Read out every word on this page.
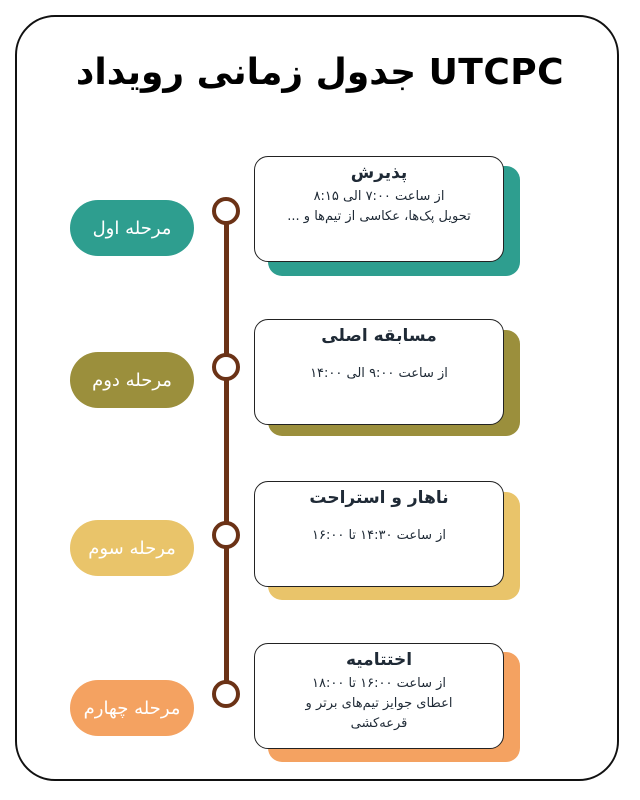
جدول زمانی رویداد UTCPC
مرحله اول
مرحله دوم
مرحله سوم
مرحله چهارم
پذیرش
از ساعت ۷:۰۰ الی ۸:۱۵
تحویل پک‌ها، عکاسی از تیم‌ها و ...
مسابقه اصلی
از ساعت ۹:۰۰ الی ۱۴:۰۰
ناهار و استراحت
از ساعت ۱۴:۳۰ تا ۱۶:۰۰
اختتامیه
از ساعت ۱۶:۰۰ تا ۱۸:۰۰
اعطای جوایز تیم‌های برتر و
قرعه‌کشی
